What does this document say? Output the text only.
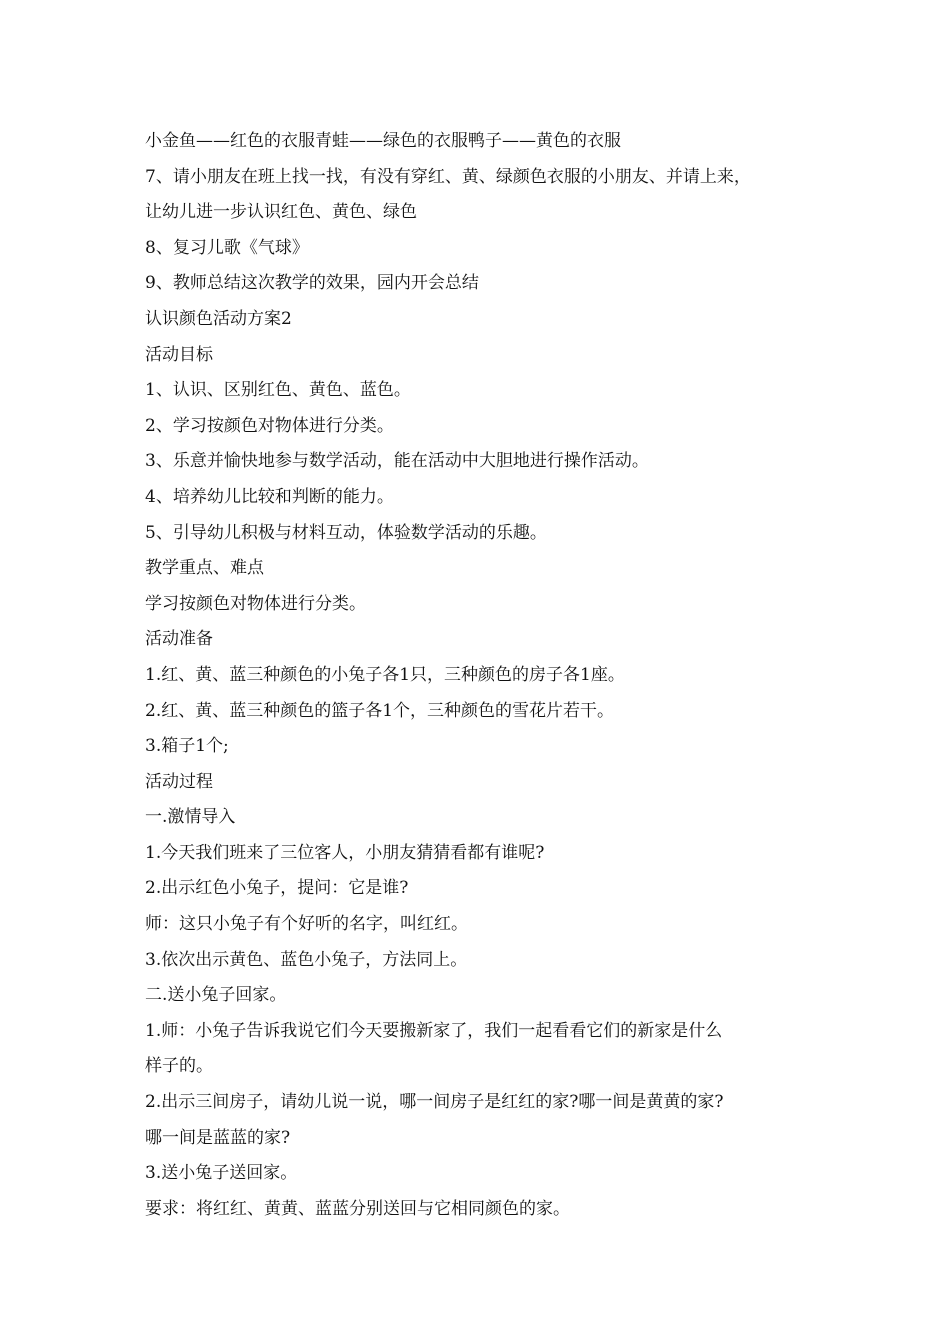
小金鱼——红色的衣服青蛙——绿色的衣服鸭子——黄色的衣服

7、请小朋友在班上找一找，有没有穿红、黄、绿颜色衣服的小朋友、并请上来，

让幼儿进一步认识红色、黄色、绿色

8、复习儿歌《气球》

9、教师总结这次教学的效果，园内开会总结

认识颜色活动方案2

活动目标

1、认识、区别红色、黄色、蓝色。

2、学习按颜色对物体进行分类。

3、乐意并愉快地参与数学活动，能在活动中大胆地进行操作活动。

4、培养幼儿比较和判断的能力。

5、引导幼儿积极与材料互动，体验数学活动的乐趣。

教学重点、难点

学习按颜色对物体进行分类。

活动准备

1.红、黄、蓝三种颜色的小兔子各1只，三种颜色的房子各1座。

2.红、黄、蓝三种颜色的篮子各1个，三种颜色的雪花片若干。

3.箱子1个;

活动过程

一.激情导入

1.今天我们班来了三位客人，小朋友猜猜看都有谁呢?

2.出示红色小兔子，提问：它是谁?

师：这只小兔子有个好听的名字，叫红红。

3.依次出示黄色、蓝色小兔子，方法同上。

二.送小兔子回家。

1.师：小兔子告诉我说它们今天要搬新家了，我们一起看看它们的新家是什么

样子的。

2.出示三间房子，请幼儿说一说，哪一间房子是红红的家?哪一间是黄黄的家?

哪一间是蓝蓝的家?

3.送小兔子送回家。

要求：将红红、黄黄、蓝蓝分别送回与它相同颜色的家。
